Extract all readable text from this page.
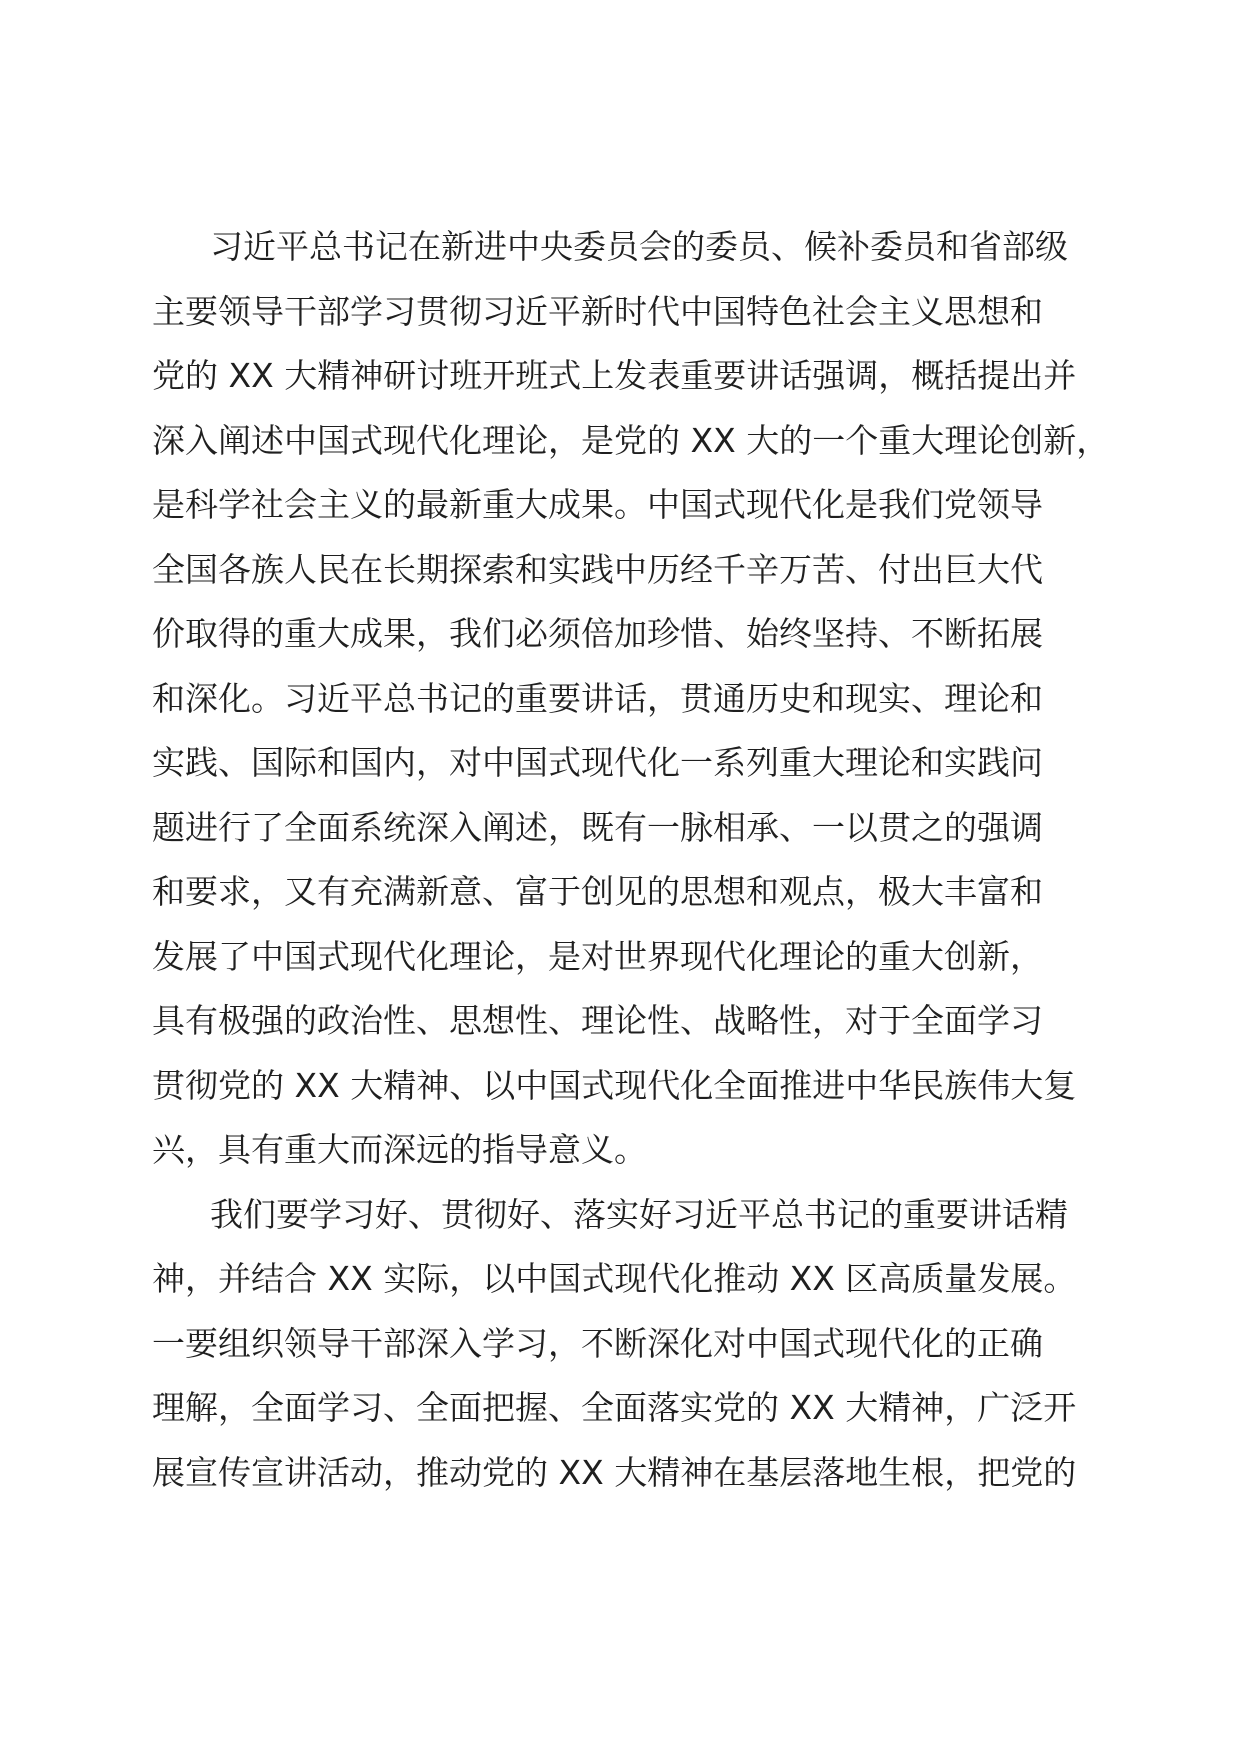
习近平总书记在新进中央委员会的委员、候补委员和省部级
主要领导干部学习贯彻习近平新时代中国特色社会主义思想和
党的 XX 大精神研讨班开班式上发表重要讲话强调，概括提出并
深入阐述中国式现代化理论，是党的 XX 大的一个重大理论创新，
是科学社会主义的最新重大成果。中国式现代化是我们党领导
全国各族人民在长期探索和实践中历经千辛万苦、付出巨大代
价取得的重大成果，我们必须倍加珍惜、始终坚持、不断拓展
和深化。习近平总书记的重要讲话，贯通历史和现实、理论和
实践、国际和国内，对中国式现代化一系列重大理论和实践问
题进行了全面系统深入阐述，既有一脉相承、一以贯之的强调
和要求，又有充满新意、富于创见的思想和观点，极大丰富和
发展了中国式现代化理论，是对世界现代化理论的重大创新，
具有极强的政治性、思想性、理论性、战略性，对于全面学习
贯彻党的 XX 大精神、以中国式现代化全面推进中华民族伟大复
兴，具有重大而深远的指导意义。
我们要学习好、贯彻好、落实好习近平总书记的重要讲话精
神，并结合 XX 实际，以中国式现代化推动 XX 区高质量发展。
一要组织领导干部深入学习，不断深化对中国式现代化的正确
理解，全面学习、全面把握、全面落实党的 XX 大精神，广泛开
展宣传宣讲活动，推动党的 XX 大精神在基层落地生根，把党的
